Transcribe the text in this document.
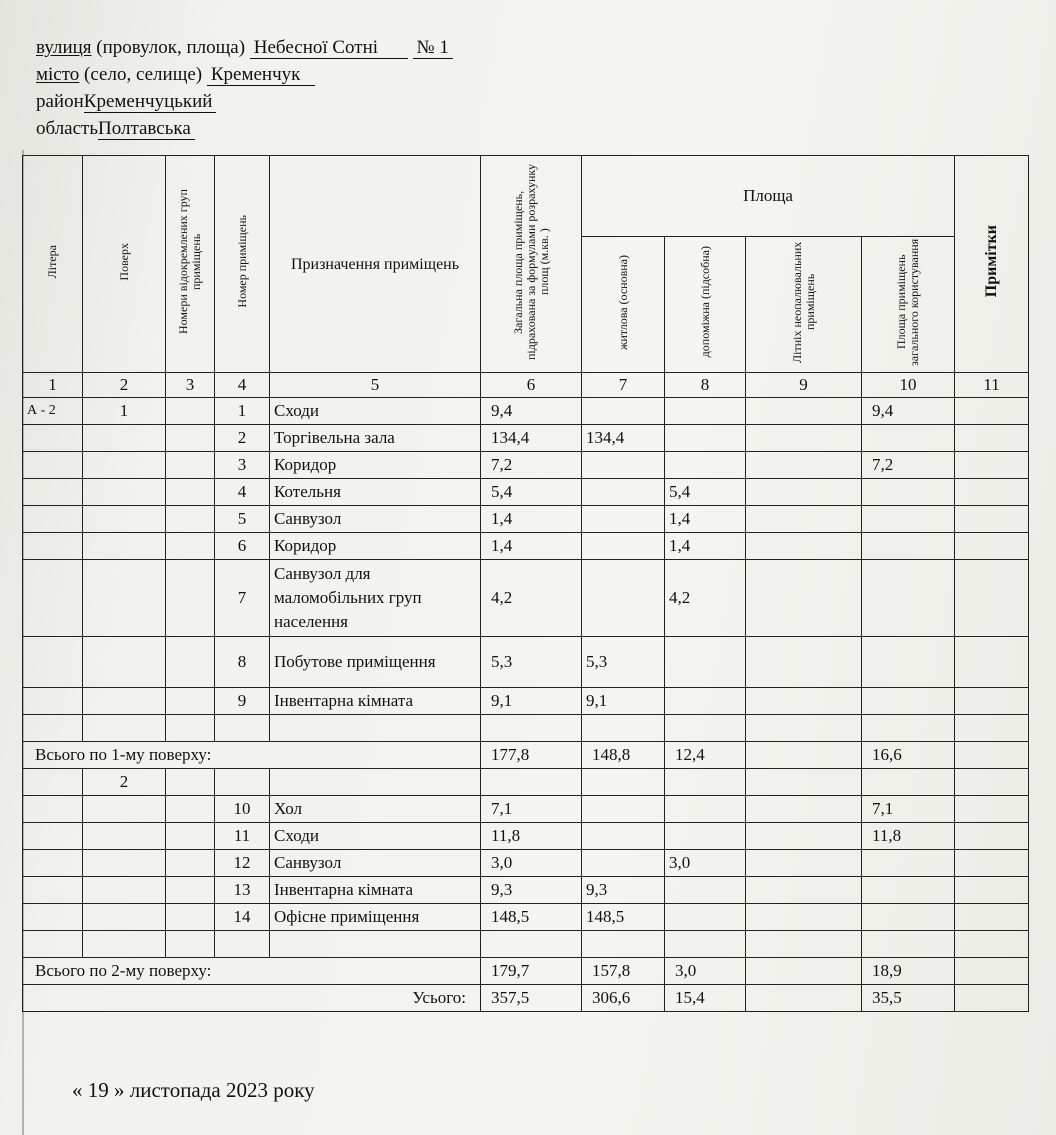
вулиця (провулок, площа) Небесної Сотні № 1
місто (село, селище) Кременчук
районКременчуцький
областьПолтавська
Літера	Поверх	Номери відокремлених груп приміщень	Номер приміщень	Призначення приміщень	Загальна площа приміщень, підрахована за формулами розрахунку площ (м.кв. )	Площа				Примітки
						житлова (основна)	допоміжна (підсобна)	Літніх неопалювальних приміщень	Площа приміщень загального користування	
1	2	3	4	5	6	7	8	9	10	11
А - 2	1		1	Сходи	9,4				9,4	
			2	Торгівельна зала	134,4	134,4				
			3	Коридор	7,2				7,2	
			4	Котельня	5,4		5,4			
			5	Санвузол	1,4		1,4			
			6	Коридор	1,4		1,4			
			7	Санвузол для маломобільних груп населення	4,2		4,2			
			8	Побутове приміщення	5,3	5,3				
			9	Інвентарна кімната	9,1	9,1				

Всього по 1-му поверху:					177,8	148,8	12,4		16,6	
	2									
			10	Хол	7,1				7,1	
			11	Сходи	11,8				11,8	
			12	Санвузол	3,0		3,0			
			13	Інвентарна кімната	9,3	9,3				
			14	Офісне приміщення	148,5	148,5				

Всього по 2-му поверху:					179,7	157,8	3,0		18,9	
Усього:					357,5	306,6	15,4		35,5	
« 19 » листопада 2023 року
